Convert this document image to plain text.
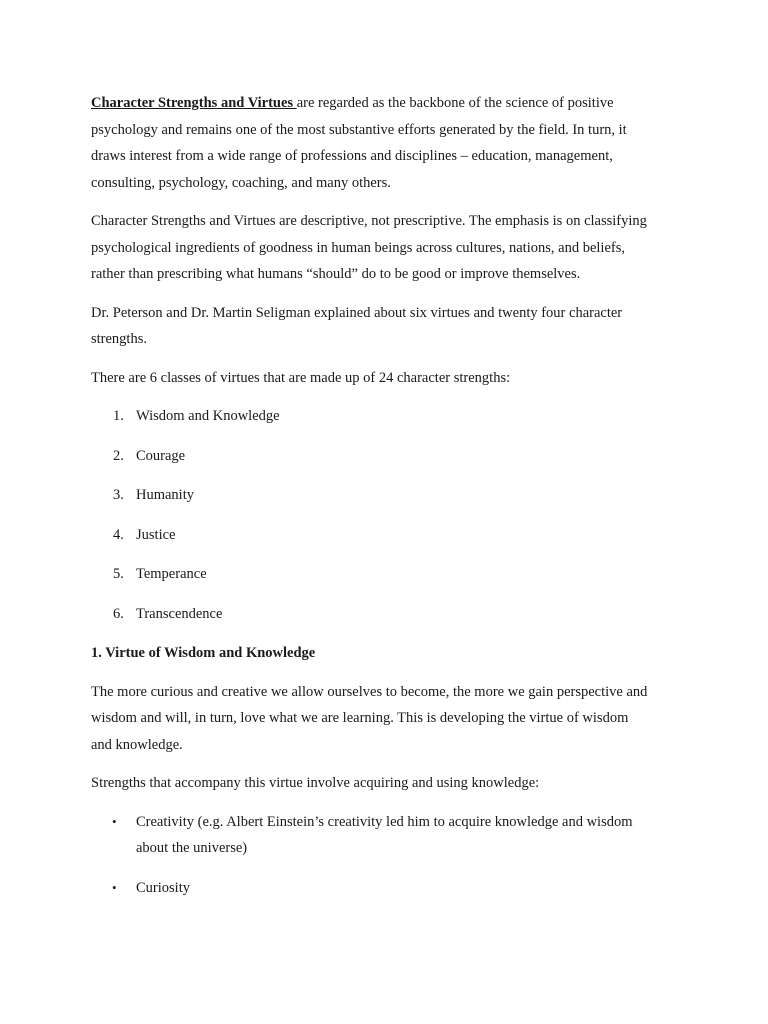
Character Strengths and Virtues are regarded as the backbone of the science of positive psychology and remains one of the most substantive efforts generated by the field. In turn, it draws interest from a wide range of professions and disciplines – education, management, consulting, psychology, coaching, and many others.

Character Strengths and Virtues are descriptive, not prescriptive. The emphasis is on classifying psychological ingredients of goodness in human beings across cultures, nations, and beliefs, rather than prescribing what humans “should” do to be good or improve themselves.

Dr. Peterson and Dr. Martin Seligman explained about six virtues and twenty four character strengths.

There are 6 classes of virtues that are made up of 24 character strengths:

1. Wisdom and Knowledge
2. Courage
3. Humanity
4. Justice
5. Temperance
6. Transcendence

1. Virtue of Wisdom and Knowledge

The more curious and creative we allow ourselves to become, the more we gain perspective and wisdom and will, in turn, love what we are learning. This is developing the virtue of wisdom and knowledge.

Strengths that accompany this virtue involve acquiring and using knowledge:

• Creativity (e.g. Albert Einstein’s creativity led him to acquire knowledge and wisdom about the universe)
• Curiosity
